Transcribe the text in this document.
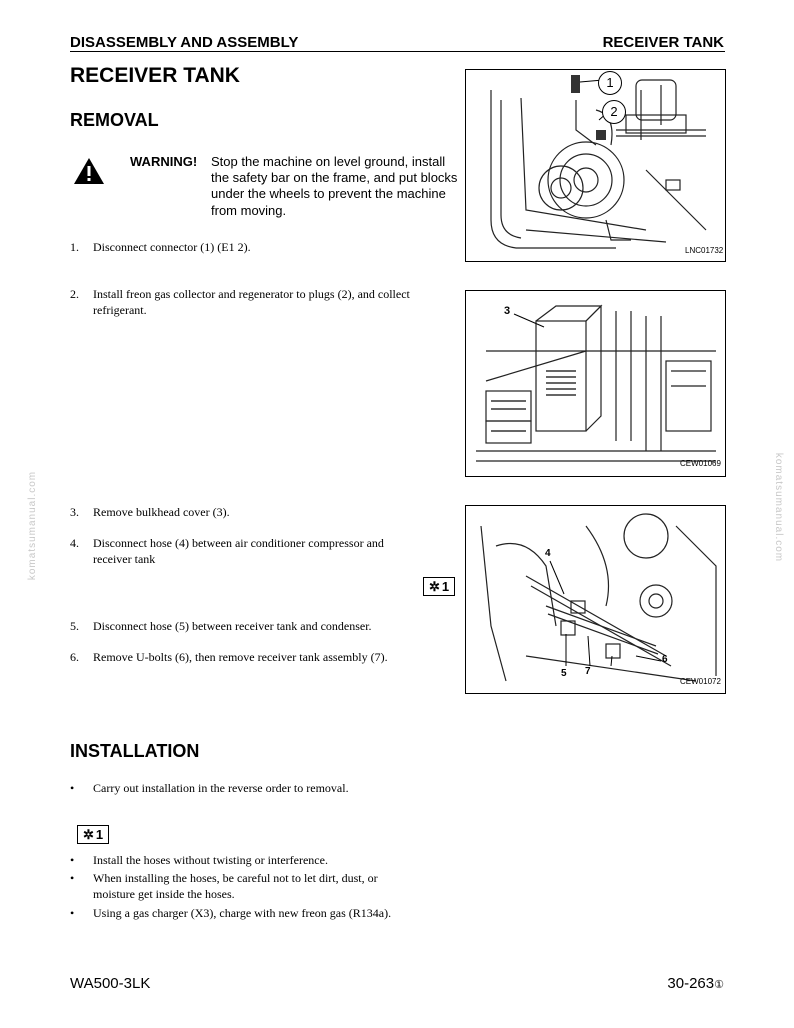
DISASSEMBLY AND ASSEMBLY	RECEIVER TANK
RECEIVER TANK
REMOVAL
WARNING! Stop the machine on level ground, install the safety bar on the frame, and put blocks under the wheels to prevent the machine from moving.
1. Disconnect connector (1) (E1 2).
2. Install freon gas collector and regenerator to plugs (2), and collect refrigerant.
3. Remove bulkhead cover (3).
4. Disconnect hose (4) between air conditioner compressor and receiver tank
5. Disconnect hose (5) between receiver tank and condenser.
6. Remove U-bolts (6), then remove receiver tank assembly (7).
✲ 1
1
2
LNC01732
3
CEW01069
4
5
6
7
CEW01072
INSTALLATION
• Carry out installation in the reverse order to removal.
✲ 1
• Install the hoses without twisting or interference.
• When installing the hoses, be careful not to let dirt, dust, or moisture get inside the hoses.
• Using a gas charger (X3), charge with new freon gas (R134a).
WA500-3LK	30-263①
komatsumanual.com	komatsumanual.com
